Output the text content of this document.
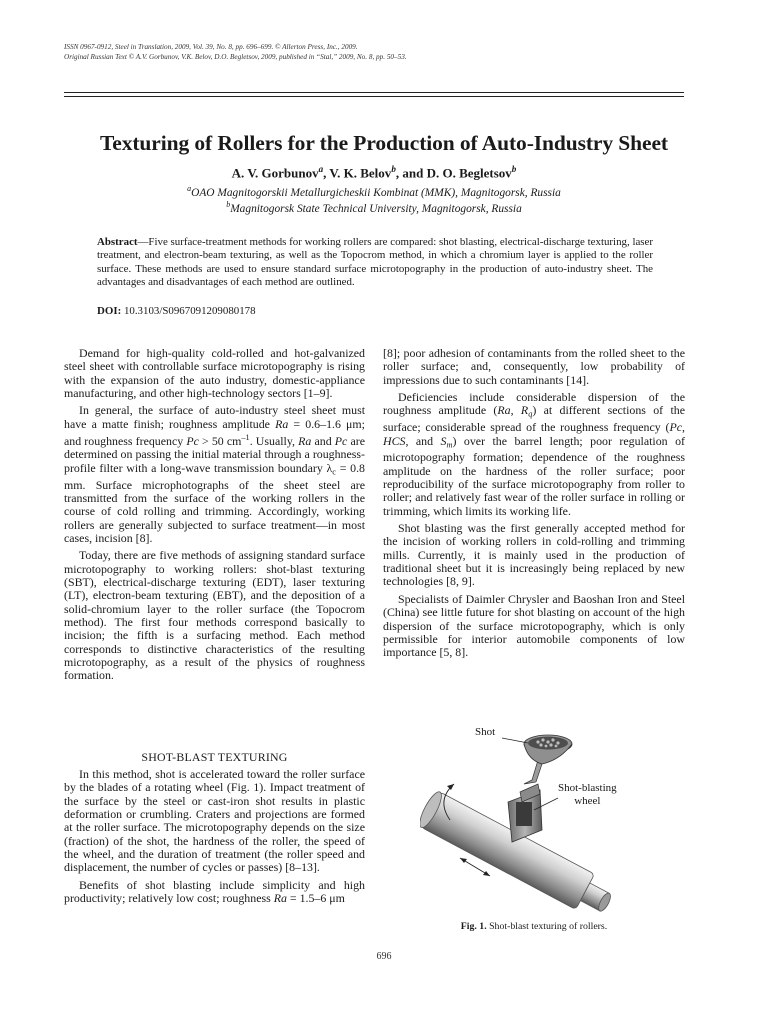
ISSN 0967-0912, Steel in Translation, 2009, Vol. 39, No. 8, pp. 696–699. © Allerton Press, Inc., 2009.
Original Russian Text © A.V. Gorbunov, V.K. Belov, D.O. Begletsov, 2009, published in “Stal,” 2009, No. 8, pp. 50–53.
Texturing of Rollers for the Production of Auto-Industry Sheet
A. V. Gorbunov$^a$, V. K. Belov$^b$, and D. O. Begletsov$^b$
$^a$OAO Magnitogorskii Metallurgicheskii Kombinat (MMK), Magnitogorsk, Russia
$^b$Magnitogorsk State Technical University, Magnitogorsk, Russia
Abstract—Five surface-treatment methods for working rollers are compared: shot blasting, electrical-discharge texturing, laser treatment, and electron-beam texturing, as well as the Topocrom method, in which a chromium layer is applied to the roller surface. These methods are used to ensure standard surface microtopography in the production of auto-industry sheet. The advantages and disadvantages of each method are outlined.
DOI: 10.3103/S0967091209080178

Demand for high-quality cold-rolled and hot-galvanized steel sheet with controllable surface microtopography is rising with the expansion of the auto industry, domestic-appliance manufacturing, and other high-technology sectors [1–9].

In general, the surface of auto-industry steel sheet must have a matte finish; roughness amplitude Ra = 0.6–1.6 μm; and roughness frequency Pc > 50 $cm^{-1}$. Usually, Ra and Pc are determined on passing the initial material through a roughness-profile filter with a long-wave transmission boundary $\lambda_c = 0.8$ mm. Surface microphotographs of the sheet steel are transmitted from the surface of the working rollers in the course of cold rolling and trimming. Accordingly, working rollers are generally subjected to surface treatment—in most cases, incision [8].

Today, there are five methods of assigning standard surface microtopography to working rollers: shot-blast texturing (SBT), electrical-discharge texturing (EDT), laser texturing (LT), electron-beam texturing (EBT), and the deposition of a solid-chromium layer to the roller surface (the Topocrom method). The first four methods correspond basically to incision; the fifth is a surfacing method. Each method corresponds to distinctive characteristics of the resulting microtopography, as a result of the physics of roughness formation.

SHOT-BLAST TEXTURING

In this method, shot is accelerated toward the roller surface by the blades of a rotating wheel (Fig. 1). Impact treatment of the surface by the steel or cast-iron shot results in plastic deformation or crumbling. Craters and projections are formed at the roller surface. The microtopography depends on the size (fraction) of the shot, the hardness of the roller, the speed of the wheel, and the duration of treatment (the roller speed and displacement, the number of cycles or passes) [8–13].

Benefits of shot blasting include simplicity and high productivity; relatively low cost; roughness Ra = 1.5–6 μm

[8]; poor adhesion of contaminants from the rolled sheet to the roller surface; and, consequently, low probability of impressions due to such contaminants [14].

Deficiencies include considerable dispersion of the roughness amplitude (Ra, $R_q$) at different sections of the surface; considerable spread of the roughness frequency (Pc, HCS, and $S_m$) over the barrel length; poor regulation of microtopography formation; dependence of the roughness amplitude on the hardness of the roller surface; poor reproducibility of the surface microtopography from roller to roller; and relatively fast wear of the roller surface in rolling or trimming, which limits its working life.

Shot blasting was the first generally accepted method for the incision of working rollers in cold-rolling and trimming mills. Currently, it is mainly used in the production of traditional sheet but it is increasingly being replaced by new technologies [8, 9].

Specialists of Daimler Chrysler and Baoshan Iron and Steel (China) see little future for shot blasting on account of the high dispersion of the surface microtopography, which is only permissible for interior automobile components of low importance [5, 8].

Shot
Shot-blasting
wheel
Fig. 1. Shot-blast texturing of rollers.
696
